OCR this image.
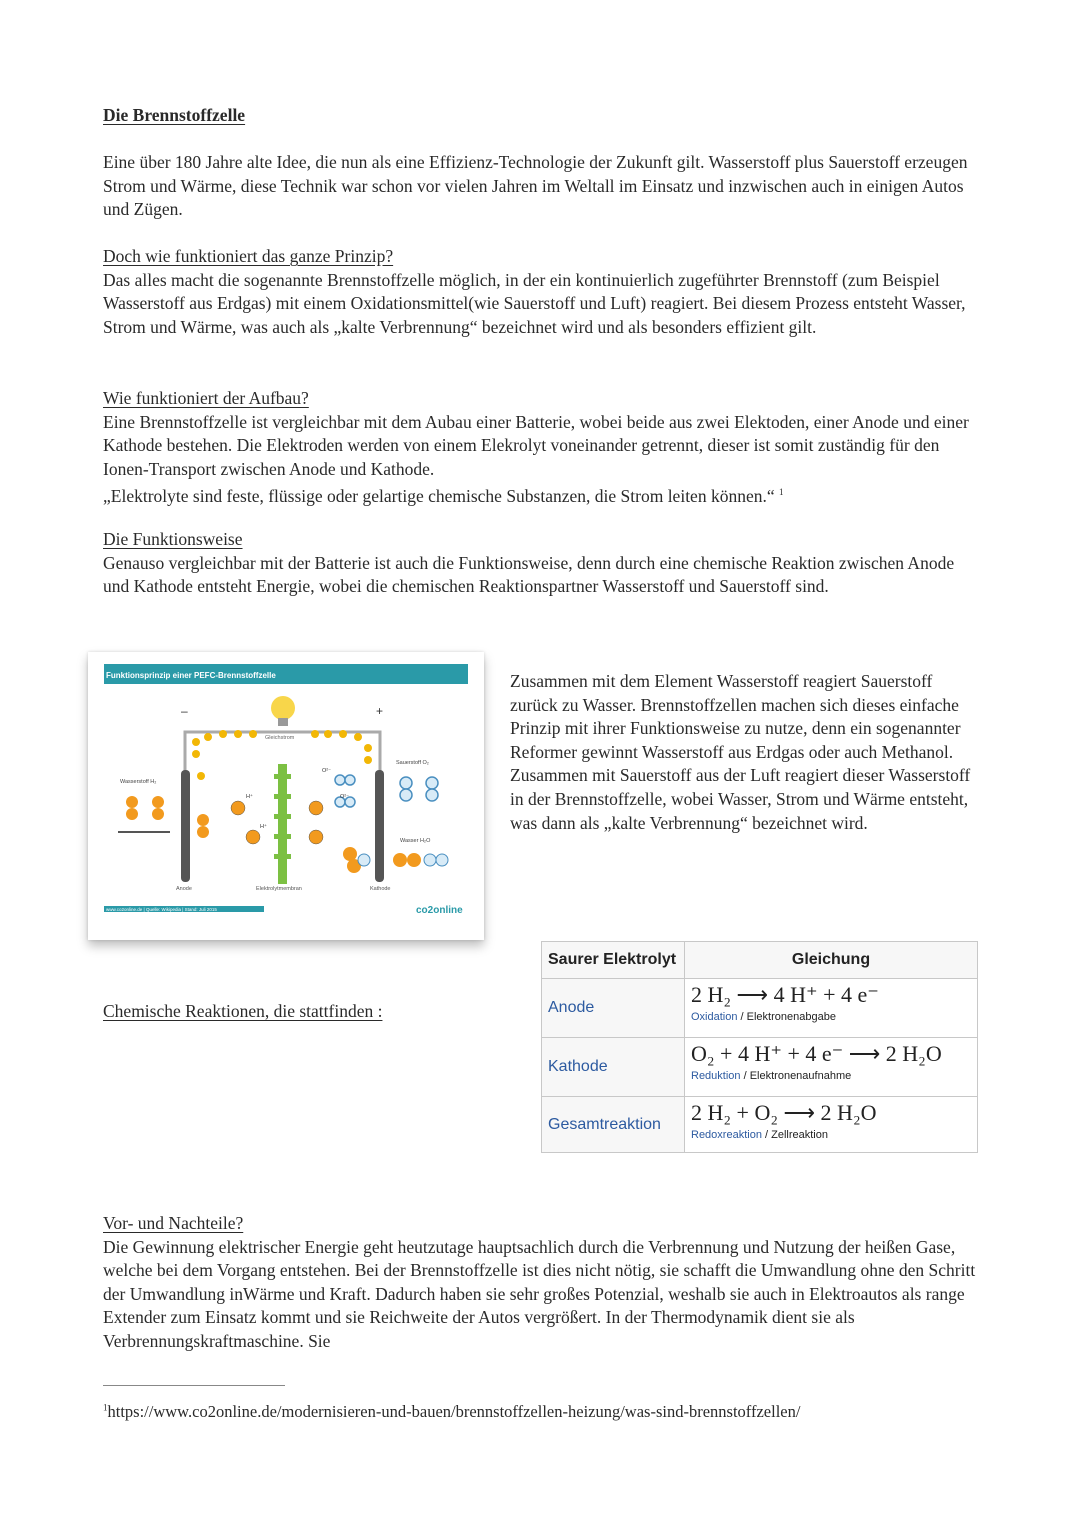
Die Brennstoffzelle

Eine über 180 Jahre alte Idee, die nun als eine Effizienz-Technologie der Zukunft gilt. Wasserstoff plus Sauerstoff erzeugen Strom und Wärme, diese Technik war schon vor vielen Jahren im Weltall im Einsatz und inzwischen auch in einigen Autos und Zügen.

Doch wie funktioniert das ganze Prinzip?

Das alles macht die sogenannte Brennstoffzelle möglich, in der ein kontinuierlich zugeführter Brennstoff (zum Beispiel Wasserstoff aus Erdgas) mit einem Oxidationsmittel(wie Sauerstoff und Luft) reagiert. Bei diesem Prozess entsteht Wasser, Strom und Wärme, was auch als „kalte Verbrennung“ bezeichnet wird und als besonders effizient gilt.

Wie funktioniert der Aufbau?

Eine Brennstoffzelle ist vergleichbar mit dem Aubau einer Batterie, wobei beide aus zwei Elektoden, einer Anode und einer Kathode bestehen. Die Elektroden werden von einem Elekrolyt voneinander getrennt, dieser ist somit zuständig für den Ionen-Transport zwischen Anode und Kathode.

„Elektrolyte sind feste, flüssige oder gelartige chemische Substanzen, die Strom leiten können.“ $^1$

Die Funktionsweise

Genauso vergleichbar mit der Batterie ist auch die Funktionsweise, denn durch eine chemische Reaktion zwischen Anode und Kathode entsteht Energie, wobei die chemischen Reaktionspartner Wasserstoff und Sauerstoff sind.

Funktionsprinzip einer PEFC-Brennstoffzelle
–	+
Gleichstrom
Wasserstoff H₂
H⁺
H⁺
Sauerstoff O₂
O²⁻
O²⁻
Wasser H₂O
Anode	Elektrolytmembran	Kathode
www.co2online.de | Quelle: Wikipedia | Stand: Juli 2015	co2online

Zusammen mit dem Element Wasserstoff reagiert Sauerstoff zurück zu Wasser. Brennstoffzellen machen sich dieses einfache Prinzip mit ihrer Funktionsweise zu nutze, denn ein sogenannter Reformer gewinnt Wasserstoff aus Erdgas oder auch Methanol. Zusammen mit Sauerstoff aus der Luft reagiert dieser Wasserstoff in der Brennstoffzelle, wobei Wasser, Strom und Wärme entsteht, was dann als „kalte Verbrennung“ bezeichnet wird.

Chemische Reaktionen, die stattfinden :
Saurer Elektrolyt	Gleichung
Anode	2 H₂ ⟶ 4 H⁺ + 4 e⁻
Oxidation / Elektronenabgabe

Kathode	O₂ + 4 H⁺ + 4 e⁻ ⟶ 2 H₂O
Reduktion / Elektronenaufnahme

Gesamtreaktion	2 H₂ + O₂ ⟶ 2 H₂O
Redoxreaktion / Zellreaktion
Vor- und Nachteile?

Die Gewinnung elektrischer Energie geht heutzutage hauptsachlich durch die Verbrennung und Nutzung der heißen Gase, welche bei dem Vorgang entstehen. Bei der Brennstoffzelle ist dies nicht nötig, sie schafft die Umwandlung ohne den Schritt der Umwandlung inWärme und Kraft. Dadurch haben sie sehr großes Potenzial, weshalb sie auch in Elektroautos als range Extender zum Einsatz kommt und sie Reichweite der Autos vergrößert. In der Thermodynamik dient sie als Verbrennungskraftmaschine. Sie

$^1$https://www.co2online.de/modernisieren-und-bauen/brennstoffzellen-heizung/was-sind-brennstoffzellen/
